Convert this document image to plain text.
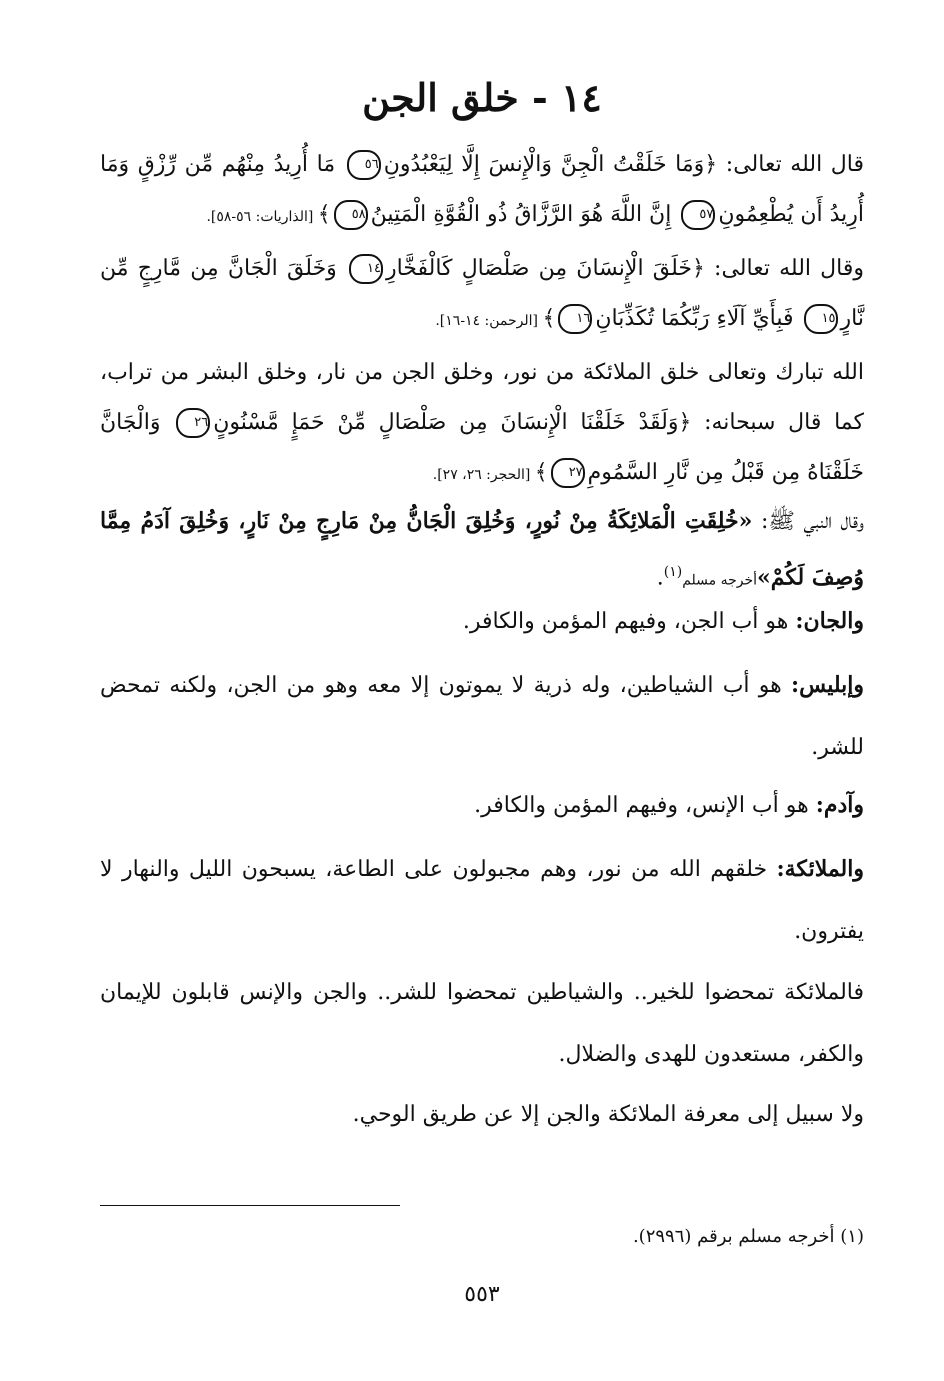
١٤ - خلق الجن
قال الله تعالى: ﴿وَمَا خَلَقْتُ الْجِنَّ وَالْإِنسَ إِلَّا لِيَعْبُدُونِ٥٦ مَا أُرِيدُ مِنْهُم مِّن رِّزْقٍ وَمَا أُرِيدُ أَن يُطْعِمُونِ٥٧ إِنَّ اللَّهَ هُوَ الرَّزَّاقُ ذُو الْقُوَّةِ الْمَتِينُ٥٨﴾ [الذاريات: ٥٦-٥٨].
وقال الله تعالى: ﴿خَلَقَ الْإِنسَانَ مِن صَلْصَالٍ كَالْفَخَّارِ١٤ وَخَلَقَ الْجَانَّ مِن مَّارِجٍ مِّن نَّارٍ١٥ فَبِأَيِّ آلَاءِ رَبِّكُمَا تُكَذِّبَانِ١٦﴾ [الرحمن: ١٤-١٦].
الله تبارك وتعالى خلق الملائكة من نور، وخلق الجن من نار، وخلق البشر من تراب، كما قال سبحانه: ﴿وَلَقَدْ خَلَقْنَا الْإِنسَانَ مِن صَلْصَالٍ مِّنْ حَمَإٍ مَّسْنُونٍ٢٦ وَالْجَانَّ خَلَقْنَاهُ مِن قَبْلُ مِن نَّارِ السَّمُومِ٢٧﴾ [الحجر: ٢٦، ٢٧].
وقال النبي ﷺ: «خُلِقَتِ الْمَلائِكَةُ مِنْ نُورٍ، وَخُلِقَ الْجَانُّ مِنْ مَارِجٍ مِنْ نَارٍ، وَخُلِقَ آدَمُ مِمَّا وُصِفَ لَكُمْ»أخرجه مسلم$^{(١)}$.
والجان: هو أب الجن، وفيهم المؤمن والكافر.
وإبليس: هو أب الشياطين، وله ذرية لا يموتون إلا معه وهو من الجن، ولكنه تمحض للشر.
وآدم: هو أب الإنس، وفيهم المؤمن والكافر.
والملائكة: خلقهم الله من نور، وهم مجبولون على الطاعة، يسبحون الليل والنهار لا يفترون.
فالملائكة تمحضوا للخير.. والشياطين تمحضوا للشر.. والجن والإنس قابلون للإيمان والكفر، مستعدون للهدى والضلال.
ولا سبيل إلى معرفة الملائكة والجن إلا عن طريق الوحي.
(١) أخرجه مسلم برقم (٢٩٩٦).
٥٥٣
